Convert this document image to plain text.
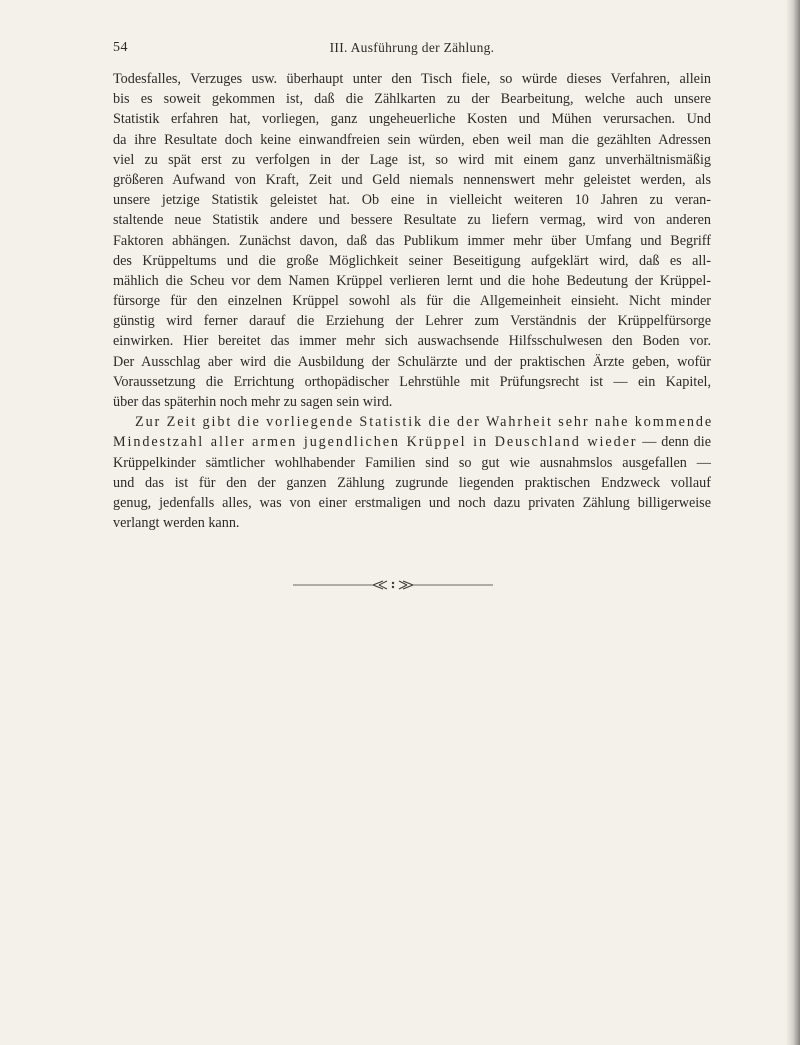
54	III. Ausführung der Zählung.
Todesfalles, Verzuges usw. überhaupt unter den Tisch fiele, so würde dieses Verfahren, allein
bis es soweit gekommen ist, daß die Zählkarten zu der Bearbeitung, welche auch unsere
Statistik erfahren hat, vorliegen, ganz ungeheuerliche Kosten und Mühen verursachen. Und
da ihre Resultate doch keine einwandfreien sein würden, eben weil man die gezählten Adressen
viel zu spät erst zu verfolgen in der Lage ist, so wird mit einem ganz unverhältnismäßig
größeren Aufwand von Kraft, Zeit und Geld niemals nennenswert mehr geleistet werden, als
unsere jetzige Statistik geleistet hat. Ob eine in vielleicht weiteren 10 Jahren zu veran-
staltende neue Statistik andere und bessere Resultate zu liefern vermag, wird von anderen
Faktoren abhängen. Zunächst davon, daß das Publikum immer mehr über Umfang und Begriff
des Krüppeltums und die große Möglichkeit seiner Beseitigung aufgeklärt wird, daß es all-
mählich die Scheu vor dem Namen Krüppel verlieren lernt und die hohe Bedeutung der Krüppel-
fürsorge für den einzelnen Krüppel sowohl als für die Allgemeinheit einsieht. Nicht minder
günstig wird ferner darauf die Erziehung der Lehrer zum Verständnis der Krüppelfürsorge
einwirken. Hier bereitet das immer mehr sich auswachsende Hilfsschulwesen den Boden vor.
Der Ausschlag aber wird die Ausbildung der Schulärzte und der praktischen Ärzte geben, wofür
Voraussetzung die Errichtung orthopädischer Lehrstühle mit Prüfungsrecht ist — ein Kapitel,
über das späterhin noch mehr zu sagen sein wird.
Zur Zeit gibt die vorliegende Statistik die der Wahrheit sehr nahe kommende
Mindestzahl aller armen jugendlichen Krüppel in Deuschland wieder — denn die
Krüppelkinder sämtlicher wohlhabender Familien sind so gut wie ausnahmslos ausgefallen —
und das ist für den der ganzen Zählung zugrunde liegenden praktischen Endzweck vollauf
genug, jedenfalls alles, was von einer erstmaligen und noch dazu privaten Zählung billigerweise
verlangt werden kann.
